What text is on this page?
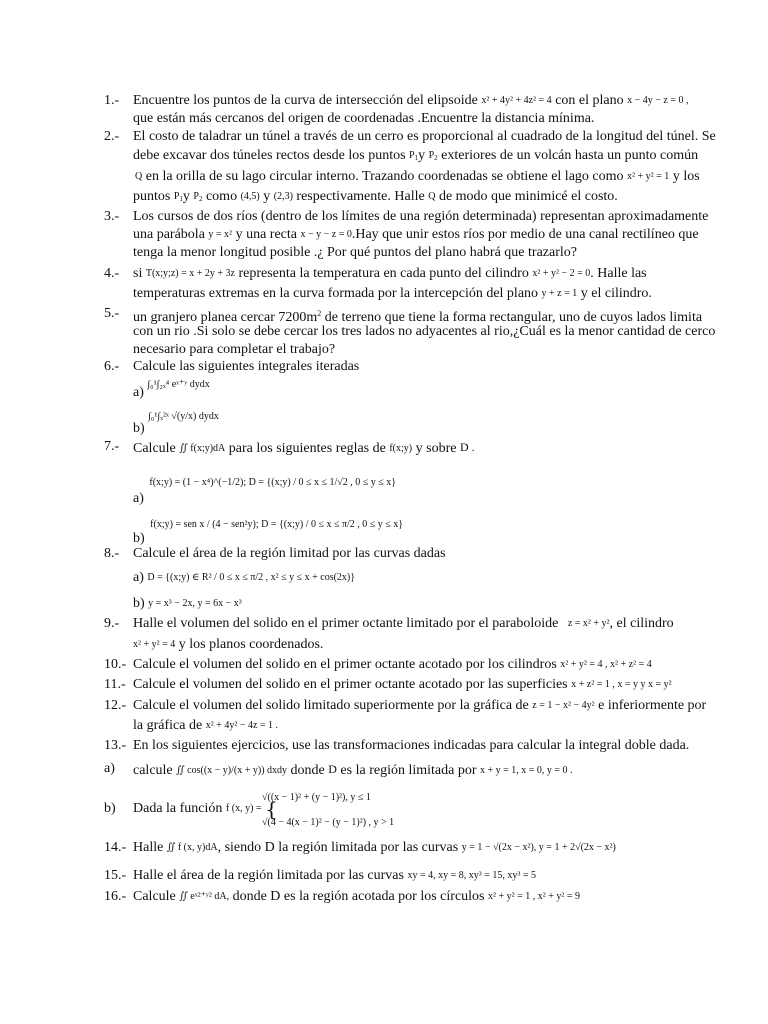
1.- Encuentre los puntos de la curva de intersección del elipsoide x² + 4y² + 4z² = 4 con el plano x − 4y − z = 0 ,
que están más cercanos del origen de coordenadas .Encuentre la distancia mínima.
2.- El costo de taladrar un túnel a través de un cerro es proporcional al cuadrado de la longitud del túnel. Se
debe excavar dos túneles rectos desde los puntos $P_1y$ $P_2$ exteriores de un volcán hasta un punto común
Q en la orilla de su lago circular interno. Trazando coordenadas se obtiene el lago como x² + y² = 1 y los
puntos $P_1y$ $P_2$ como (4,5) y (2,3) respectivamente. Halle Q de modo que minimicé el costo.
3.- Los cursos de dos ríos (dentro de los límites de una región determinada) representan aproximadamente
una parábola y = x² y una recta x − y − z = 0.Hay que unir estos ríos por medio de una canal rectilíneo que
tenga la menor longitud posible .¿ Por qué puntos del plano habrá que trazarlo?
4.- si T(x;y;z) = x + 2y + 3z representa la temperatura en cada punto del cilindro x² + y² − 2 = 0. Halle las
temperaturas extremas en la curva formada por la intercepción del plano y + z = 1 y el cilindro.
5.- un granjero planea cercar $7200m^2$ de terreno que tiene la forma rectangular, uno de cuyos lados limita
con un rio .Si solo se debe cercar los tres lados no adyacentes al rio,¿Cuál es la menor cantidad de cerco
necesario para completar el trabajo?
6.- Calcule las siguientes integrales iteradas
a) $^{\int_0^1\int_{2x}^4 eˣ^+ʸ dydx}$
b) $^{\int_0^1\int_x^2ˣ √(y/x) dydx}$
7.- Calcule ∬ f(x;y)dA para los siguientes reglas de f(x;y) y sobre D .
a) $^{f(x;y) = (1 - x^4)\^{}(-1/2); D = \{(x;y) / 0 \le x \le 1/√2 , 0 \le y \le x\}}$
b) $^{f(x;y) = sen x / (4 - sen^2y); D = \{(x;y) / 0 \le x \le \pi/2 , 0 \le y \le x\}}$
8.- Calcule el área de la región limitad por las curvas dadas
a) D = {(x;y) ∈ R² / 0 ≤ x ≤ π/2 , x² ≤ y ≤ x + cos(2x)}
b) y = x³ − 2x, y = 6x − x³
9.- Halle el volumen del solido en el primer octante limitado por el paraboloide z = x² + y², el cilindro
x² + y² = 4 y los planos coordenados.
10.- Calcule el volumen del solido en el primer octante acotado por los cilindros x² + y² = 4 , x² + z² = 4
11.- Calcule el volumen del solido en el primer octante acotado por las superficies x + z² = 1 , x = y y x = y²
12.- Calcule el volumen del solido limitado superiormente por la gráfica de z = 1 − x² − 4y² e inferiormente por
la gráfica de x² + 4y² − 4z = 1 .
13.- En los siguientes ejercicios, use las transformaciones indicadas para calcular la integral doble dada.
a) calcule ∬ cos((x − y)/(x + y)) dxdy donde D es la región limitada por x + y = 1, x = 0, y = 0 .
b) Dada la función f (x, y) = {
√((x − 1)² + (y − 1)²), y ≤ 1
√(4 − 4(x − 1)² − (y − 1)²) , y > 1
14.- Halle ∬ f (x, y)dA, siendo D la región limitada por las curvas y = 1 − √(2x − x²), y = 1 + 2√(2x − x²)
15.- Halle el área de la región limitada por las curvas xy = 4, xy = 8, xy³ = 15, xy³ = 5
16.- Calcule ∬ eˣ²⁺ʸ² dA, donde D es la región acotada por los círculos x² + y² = 1 , x² + y² = 9
